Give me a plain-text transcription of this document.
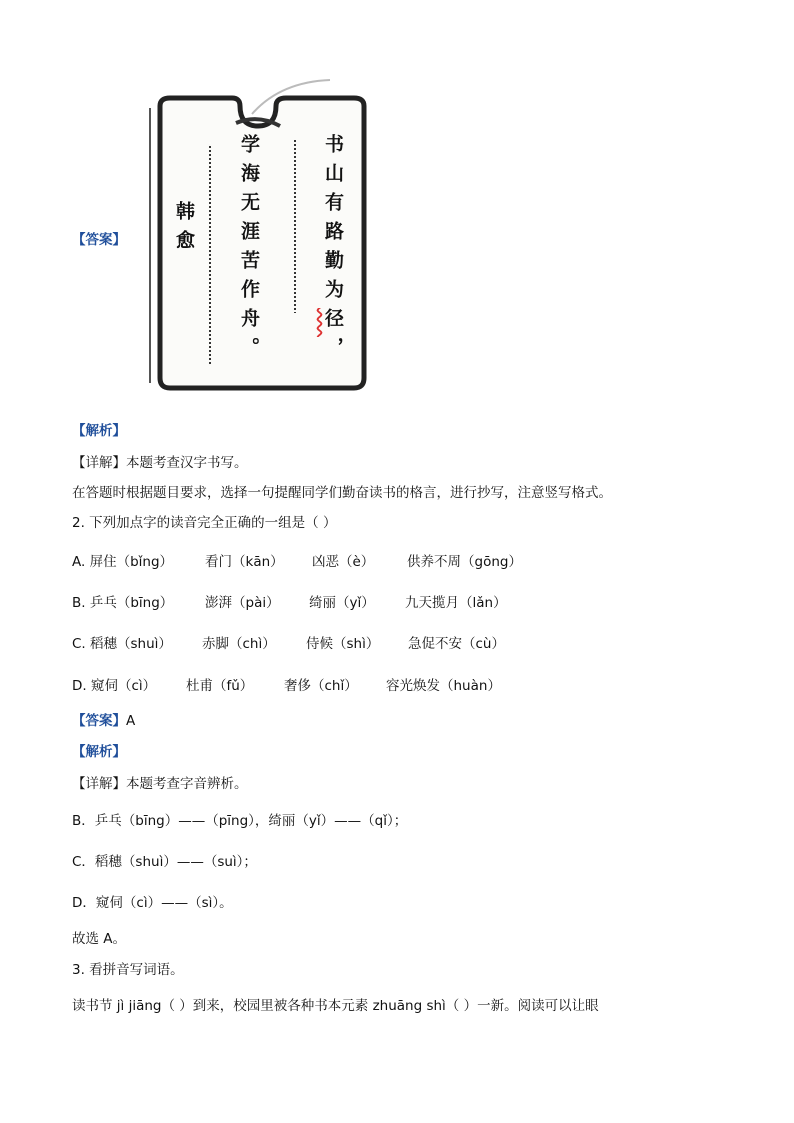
书山有路勤为径，
学海无涯苦作舟。
韩愈
【答案】
【解析】
【详解】本题考查汉字书写。
在答题时根据题目要求，选择一句提醒同学们勤奋读书的格言，进行抄写，注意竖写格式。
2. 下列加点字的读音完全正确的一组是（ ）
A. 屏住（bǐng） 看门（kān） 凶恶（è） 供养不周（gōng）
B. 乒乓（bīng） 澎湃（pài） 绮丽（yǐ） 九天揽月（lǎn）
C. 稻穗（shuì） 赤脚（chì） 侍候（shì） 急促不安（cù）
D. 窥伺（cì） 杜甫（fǔ） 奢侈（chǐ） 容光焕发（huàn）
【答案】A
【解析】
【详解】本题考查字音辨析。
B．乒乓（bīng）——（pīng），绮丽（yǐ）——（qǐ）；
C．稻穗（shuì）——（suì）；
D．窥伺（cì）——（sì）。
故选 A。
3. 看拼音写词语。
读书节 jì jiāng（ ）到来，校园里被各种书本元素 zhuāng shì（ ）一新。阅读可以让眼
